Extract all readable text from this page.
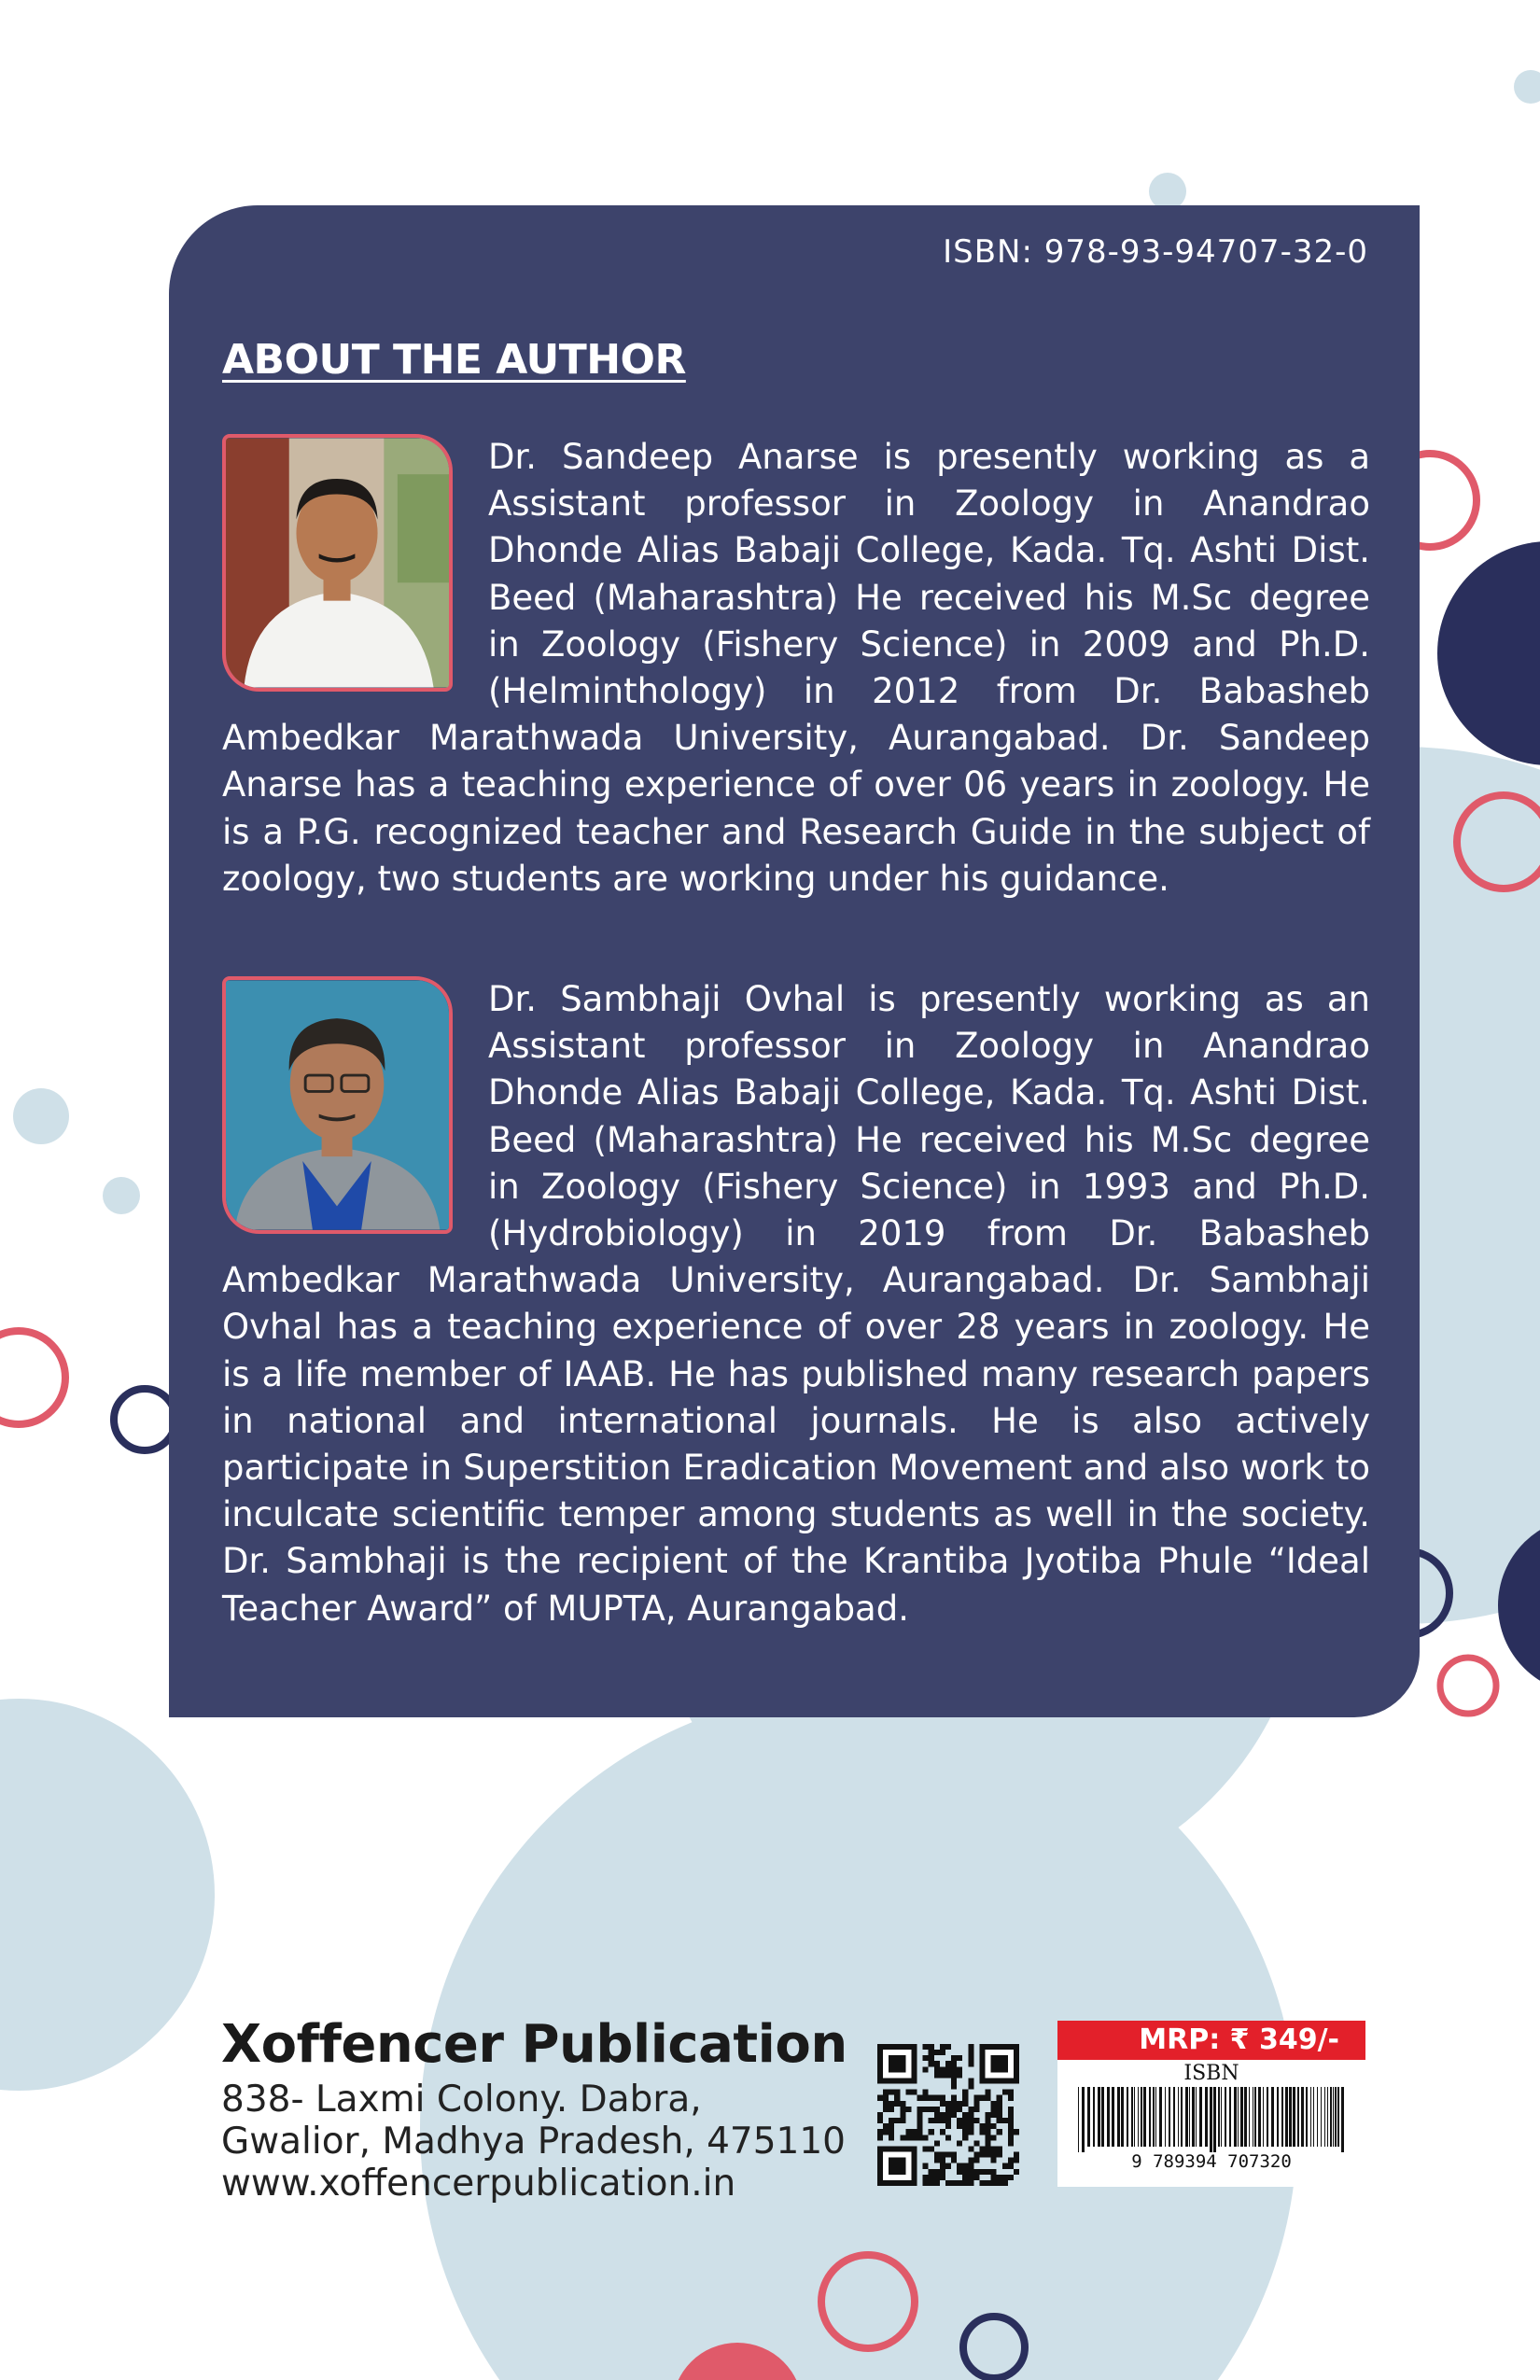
ISBN: 978-93-94707-32-0
ABOUT THE AUTHOR
Dr. Sandeep Anarse is presently working as a Assistant professor in Zoology in Anandrao Dhonde Alias Babaji College, Kada. Tq. Ashti Dist. Beed (Maharashtra) He received his M.Sc degree in Zoology (Fishery Science) in 2009 and Ph.D. (Helminthology) in 2012 from Dr. Babasheb Ambedkar Marathwada University, Aurangabad. Dr. Sandeep Anarse has a teaching experience of over 06 years in zoology. He is a P.G. recognized teacher and Research Guide in the subject of zoology, two students are working under his guidance.
Dr. Sambhaji Ovhal is presently working as an Assistant professor in Zoology in Anandrao Dhonde Alias Babaji College, Kada. Tq. Ashti Dist. Beed (Maharashtra) He received his M.Sc degree in Zoology (Fishery Science) in 1993 and Ph.D. (Hydrobiology) in 2019 from Dr. Babasheb Ambedkar Marathwada University, Aurangabad. Dr. Sambhaji Ovhal has a teaching experience of over 28 years in zoology. He is a life member of IAAB. He has published many research papers in national and international journals. He is also actively participate in Superstition Eradication Movement and also work to inculcate scientific temper among students as well in the society. Dr. Sambhaji is the recipient of the Krantiba Jyotiba Phule “Ideal Teacher Award” of MUPTA, Aurangabad.
Xoffencer Publication
838- Laxmi Colony. Dabra,
Gwalior, Madhya Pradesh, 475110
www.xoffencerpublication.in
MRP: ₹ 349/-
ISBN
9 789394 707320
